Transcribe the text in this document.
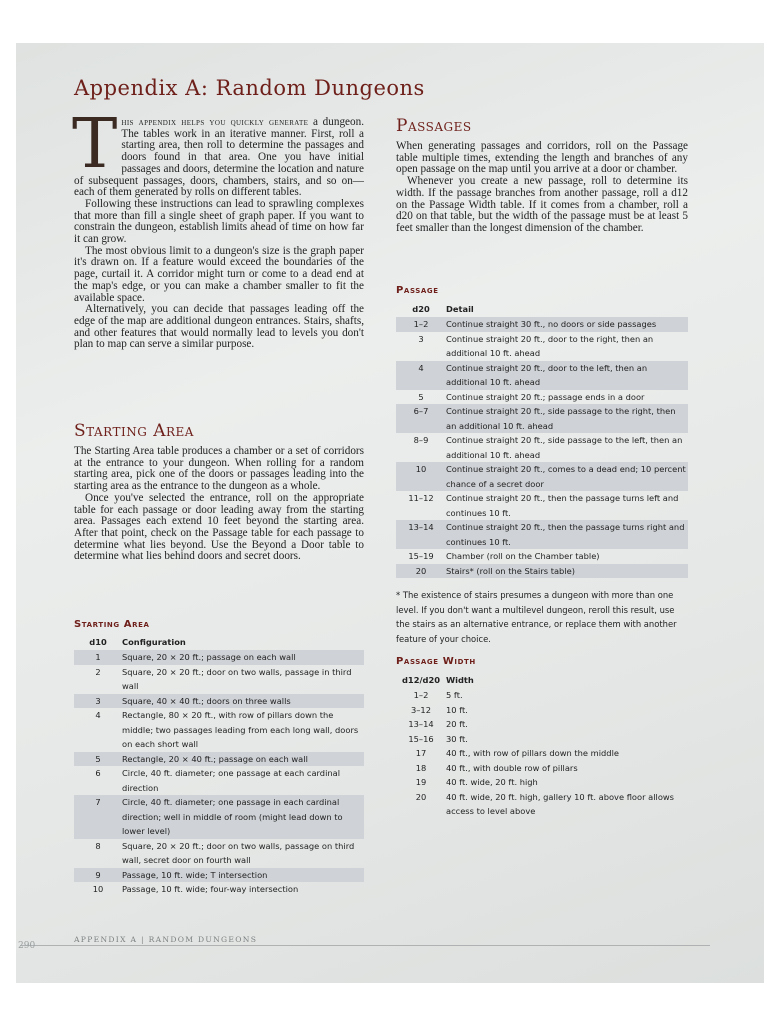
Appendix A: Random Dungeons

This appendix helps you quickly generate a dungeon. The tables work in an iterative manner. First, roll a starting area, then roll to determine the passages and doors found in that area. One you have initial passages and doors, determine the location and nature of subsequent passages, doors, chambers, stairs, and so on—each of them generated by rolls on different tables.

Following these instructions can lead to sprawling complexes that more than fill a single sheet of graph paper. If you want to constrain the dungeon, establish limits ahead of time on how far it can grow.

The most obvious limit to a dungeon's size is the graph paper it's drawn on. If a feature would exceed the boundaries of the page, curtail it. A corridor might turn or come to a dead end at the map's edge, or you can make a chamber smaller to fit the available space.

Alternatively, you can decide that passages leading off the edge of the map are additional dungeon entrances. Stairs, shafts, and other features that would normally lead to levels you don't plan to map can serve a similar purpose.

Starting Area

The Starting Area table produces a chamber or a set of corridors at the entrance to your dungeon. When rolling for a random starting area, pick one of the doors or passages leading into the starting area as the entrance to the dungeon as a whole.

Once you've selected the entrance, roll on the appropriate table for each passage or door leading away from the starting area. Passages each extend 10 feet beyond the starting area. After that point, check on the Passage table for each passage to determine what lies beyond. Use the Beyond a Door table to determine what lies behind doors and secret doors.

Starting Area
d10	Configuration
1	Square, 20 × 20 ft.; passage on each wall
2	Square, 20 × 20 ft.; door on two walls, passage in third wall
3	Square, 40 × 40 ft.; doors on three walls
4	Rectangle, 80 × 20 ft., with row of pillars down the middle; two passages leading from each long wall, doors on each short wall
5	Rectangle, 20 × 40 ft.; passage on each wall
6	Circle, 40 ft. diameter; one passage at each cardinal direction
7	Circle, 40 ft. diameter; one passage in each cardinal direction; well in middle of room (might lead down to lower level)
8	Square, 20 × 20 ft.; door on two walls, passage on third wall, secret door on fourth wall
9	Passage, 10 ft. wide; T intersection
10	Passage, 10 ft. wide; four-way intersection
Passages

When generating passages and corridors, roll on the Passage table multiple times, extending the length and branches of any open passage on the map until you arrive at a door or chamber.

Whenever you create a new passage, roll to determine its width. If the passage branches from another passage, roll a d12 on the Passage Width table. If it comes from a chamber, roll a d20 on that table, but the width of the passage must be at least 5 feet smaller than the longest dimension of the chamber.

Passage
d20	Detail
1–2	Continue straight 30 ft., no doors or side passages
3	Continue straight 20 ft., door to the right, then an additional 10 ft. ahead
4	Continue straight 20 ft., door to the left, then an additional 10 ft. ahead
5	Continue straight 20 ft.; passage ends in a door
6–7	Continue straight 20 ft., side passage to the right, then an additional 10 ft. ahead
8–9	Continue straight 20 ft., side passage to the left, then an additional 10 ft. ahead
10	Continue straight 20 ft., comes to a dead end; 10 percent chance of a secret door
11–12	Continue straight 20 ft., then the passage turns left and continues 10 ft.
13–14	Continue straight 20 ft., then the passage turns right and continues 10 ft.
15–19	Chamber (roll on the Chamber table)
20	Stairs* (roll on the Stairs table)

* The existence of stairs presumes a dungeon with more than one level. If you don't want a multilevel dungeon, reroll this result, use the stairs as an alternative entrance, or replace them with another feature of your choice.

Passage Width
d12/d20	Width
1–2	5 ft.
3–12	10 ft.
13–14	20 ft.
15–16	30 ft.
17	40 ft., with row of pillars down the middle
18	40 ft., with double row of pillars
19	40 ft. wide, 20 ft. high
20	40 ft. wide, 20 ft. high, gallery 10 ft. above floor allows access to level above
290
APPENDIX A | RANDOM DUNGEONS
